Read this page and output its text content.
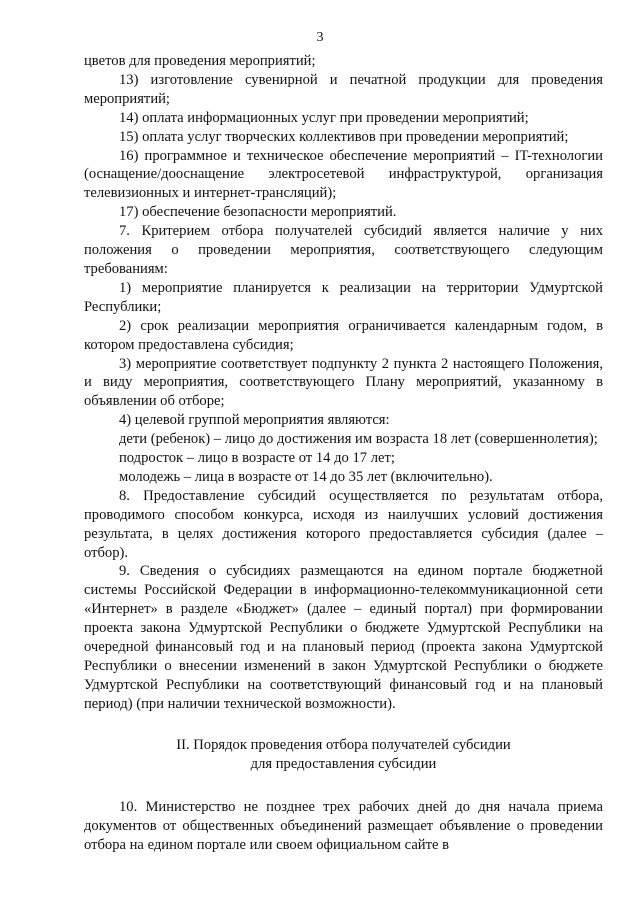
3

цветов для проведения мероприятий;

13) изготовление сувенирной и печатной продукции для проведения мероприятий;

14) оплата информационных услуг при проведении мероприятий;

15) оплата услуг творческих коллективов при проведении мероприятий;

16) программное и техническое обеспечение мероприятий – IT-технологии (оснащение/дооснащение электросетевой инфраструктурой, организация телевизионных и интернет-трансляций);

17) обеспечение безопасности мероприятий.

7. Критерием отбора получателей субсидий является наличие у них положения о проведении мероприятия, соответствующего следующим требованиям:

1) мероприятие планируется к реализации на территории Удмуртской Республики;

2) срок реализации мероприятия ограничивается календарным годом, в котором предоставлена субсидия;

3) мероприятие соответствует подпункту 2 пункта 2 настоящего Положения, и виду мероприятия, соответствующего Плану мероприятий, указанному в объявлении об отборе;

4) целевой группой мероприятия являются:

дети (ребенок) – лицо до достижения им возраста 18 лет (совершеннолетия);

подросток – лицо в возрасте от 14 до 17 лет;

молодежь – лица в возрасте от 14 до 35 лет (включительно).

8. Предоставление субсидий осуществляется по результатам отбора, проводимого способом конкурса, исходя из наилучших условий достижения результата, в целях достижения которого предоставляется субсидия (далее – отбор).

9. Сведения о субсидиях размещаются на едином портале бюджетной системы Российской Федерации в информационно-телекоммуникационной сети «Интернет» в разделе «Бюджет» (далее – единый портал) при формировании проекта закона Удмуртской Республики о бюджете Удмуртской Республики на очередной финансовый год и на плановый период (проекта закона Удмуртской Республики о внесении изменений в закон Удмуртской Республики о бюджете Удмуртской Республики на соответствующий финансовый год и на плановый период) (при наличии технической возможности).

II. Порядок проведения отбора получателей субсидии
для предоставления субсидии

10. Министерство не позднее трех рабочих дней до дня начала приема документов от общественных объединений размещает объявление о проведении отбора на едином портале или своем официальном сайте в
